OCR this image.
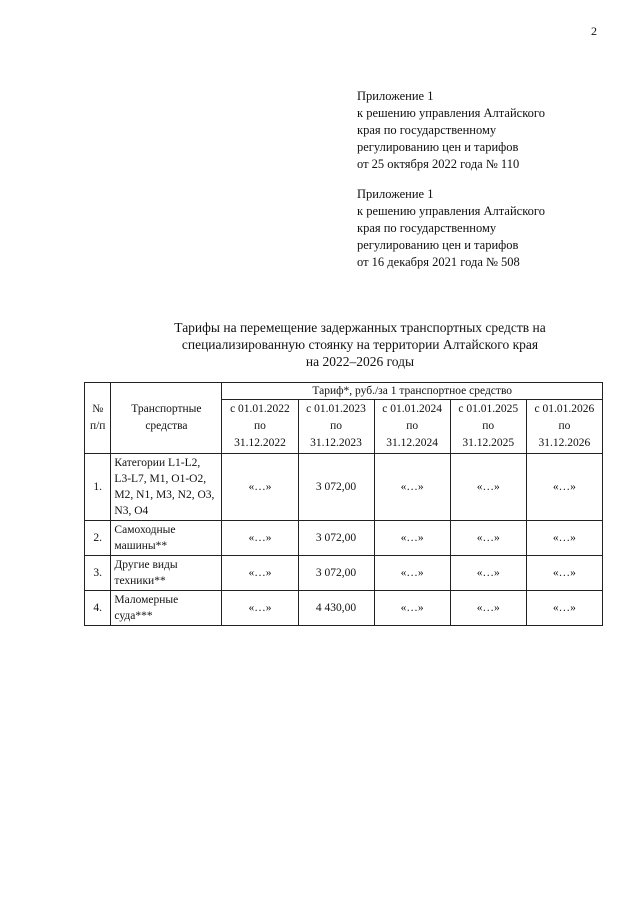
2
Приложение 1
к решению управления Алтайского
края по государственному
регулированию цен и тарифов
от 25 октября 2022 года № 110
Приложение 1
к решению управления Алтайского
края по государственному
регулированию цен и тарифов
от 16 декабря 2021 года № 508
Тарифы на перемещение задержанных транспортных средств на
специализированную стоянку на территории Алтайского края
на 2022–2026 годы
№ п/п	Транспортные средства	Тариф*, руб./за 1 транспортное средство				

		с 01.01.2022
по
31.12.2022	с 01.01.2023
по
31.12.2023	с 01.01.2024
по
31.12.2024	с 01.01.2025
по
31.12.2025	с 01.01.2026
по
31.12.2026

1.	Категории L1-L2, L3-L7, M1, O1-O2, M2, N1, M3, N2, O3, N3, O4	«…»	3 072,00	«…»	«…»	«…»
2.	Самоходные машины**	«…»	3 072,00	«…»	«…»	«…»
3.	Другие виды техники**	«…»	3 072,00	«…»	«…»	«…»
4.	Маломерные суда***	«…»	4 430,00	«…»	«…»	«…»
